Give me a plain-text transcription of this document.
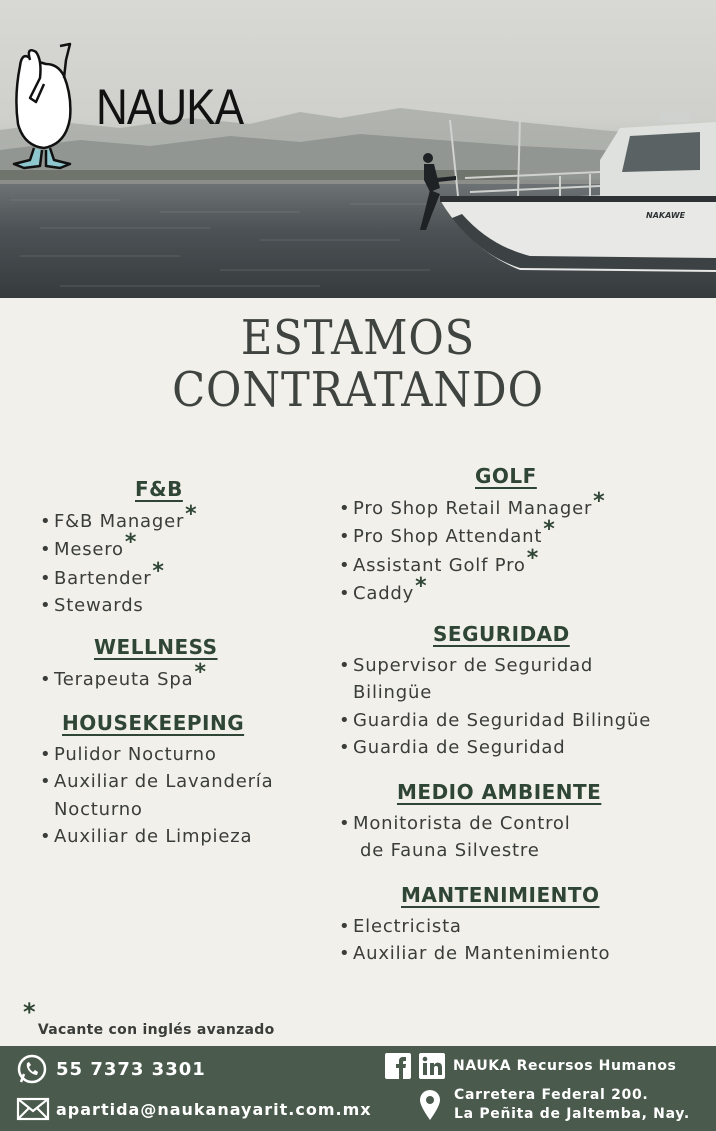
NAKAWE
NAUKA
ESTAMOS
CONTRATANDO
F&B
• F&B Manager*
• Mesero*
• Bartender*
• Stewards
WELLNESS
• Terapeuta Spa*
HOUSEKEEPING
• Pulidor Nocturno
• Auxiliar de Lavandería
Nocturno
• Auxiliar de Limpieza
GOLF
• Pro Shop Retail Manager*
• Pro Shop Attendant*
• Assistant Golf Pro*
• Caddy*
SEGURIDAD
• Supervisor de Seguridad
Bilingüe
• Guardia de Seguridad Bilingüe
• Guardia de Seguridad
MEDIO AMBIENTE
• Monitorista de Control
de Fauna Silvestre
MANTENIMIENTO
• Electricista
• Auxiliar de Mantenimiento
*Vacante con inglés avanzado
55 7373 3301
apartida@naukanayarit.com.mx
NAUKA Recursos Humanos
Carretera Federal 200.
La Peñita de Jaltemba, Nay.
